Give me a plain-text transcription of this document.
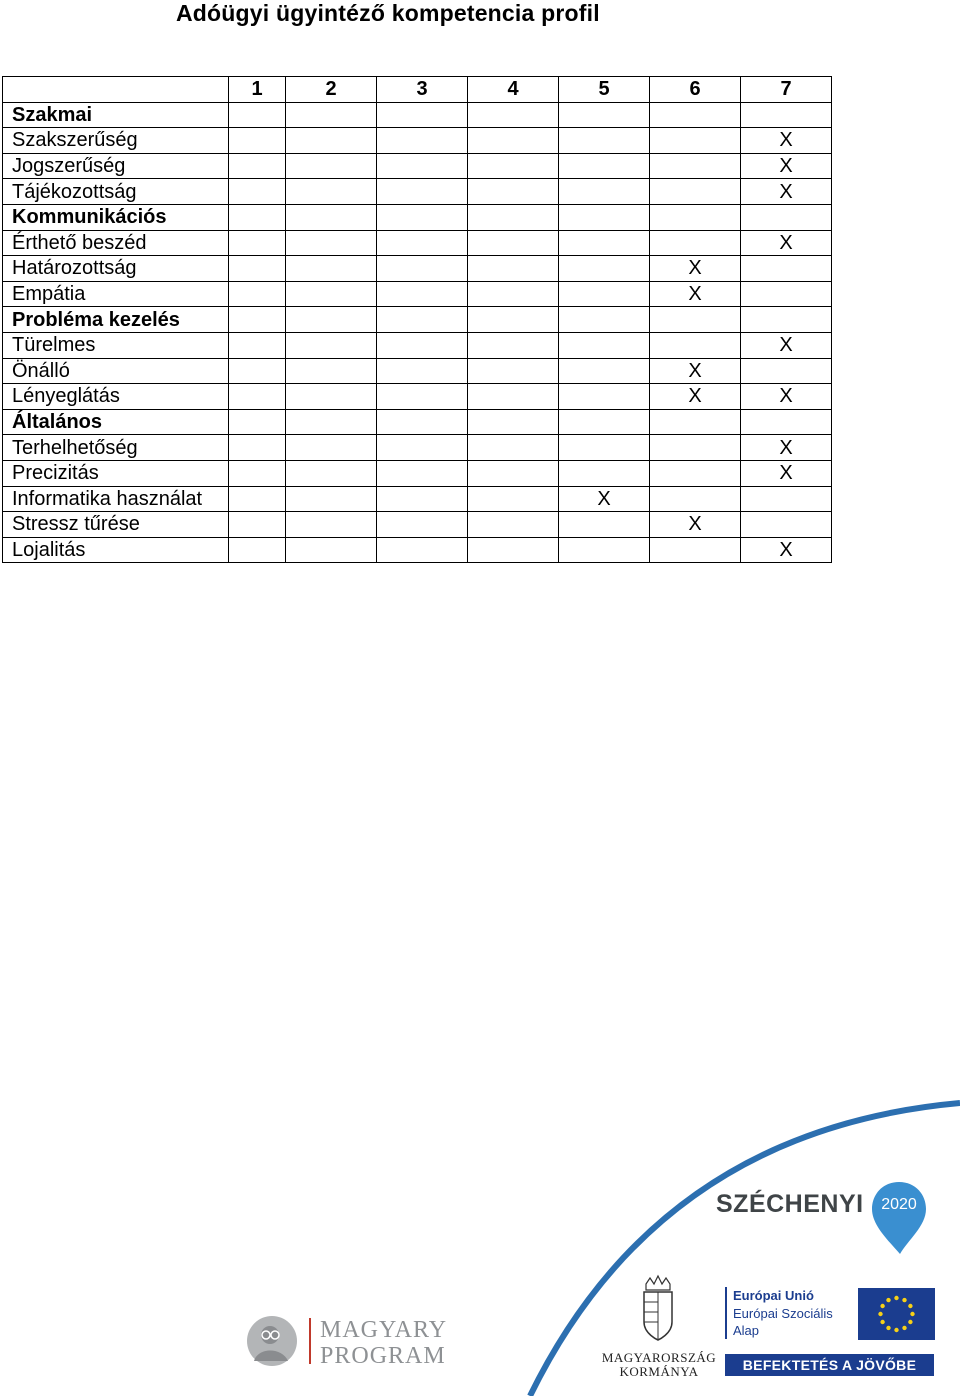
Adóügyi ügyintéző kompetencia profil
	1	2	3	4	5	6	7
Szakmai							
Szakszerűség							X
Jogszerűség							X
Tájékozottság							X
Kommunikációs							
Érthető beszéd							X
Határozottság						X	
Empátia						X	
Probléma kezelés							
Türelmes							X
Önálló						X	
Lényeglátás						X	X
Általános							
Terhelhetőség							X
Precizitás							X
Informatika használat					X		
Stressz tűrése						X	
Lojalitás							X
SZÉCHENYI	2020
MAGYARY
PROGRAM	MAGYARORSZÁG
KORMÁNYA
Európai Unió
Európai Szociális
Alap
BEFEKTETÉS A JÖVŐBE
